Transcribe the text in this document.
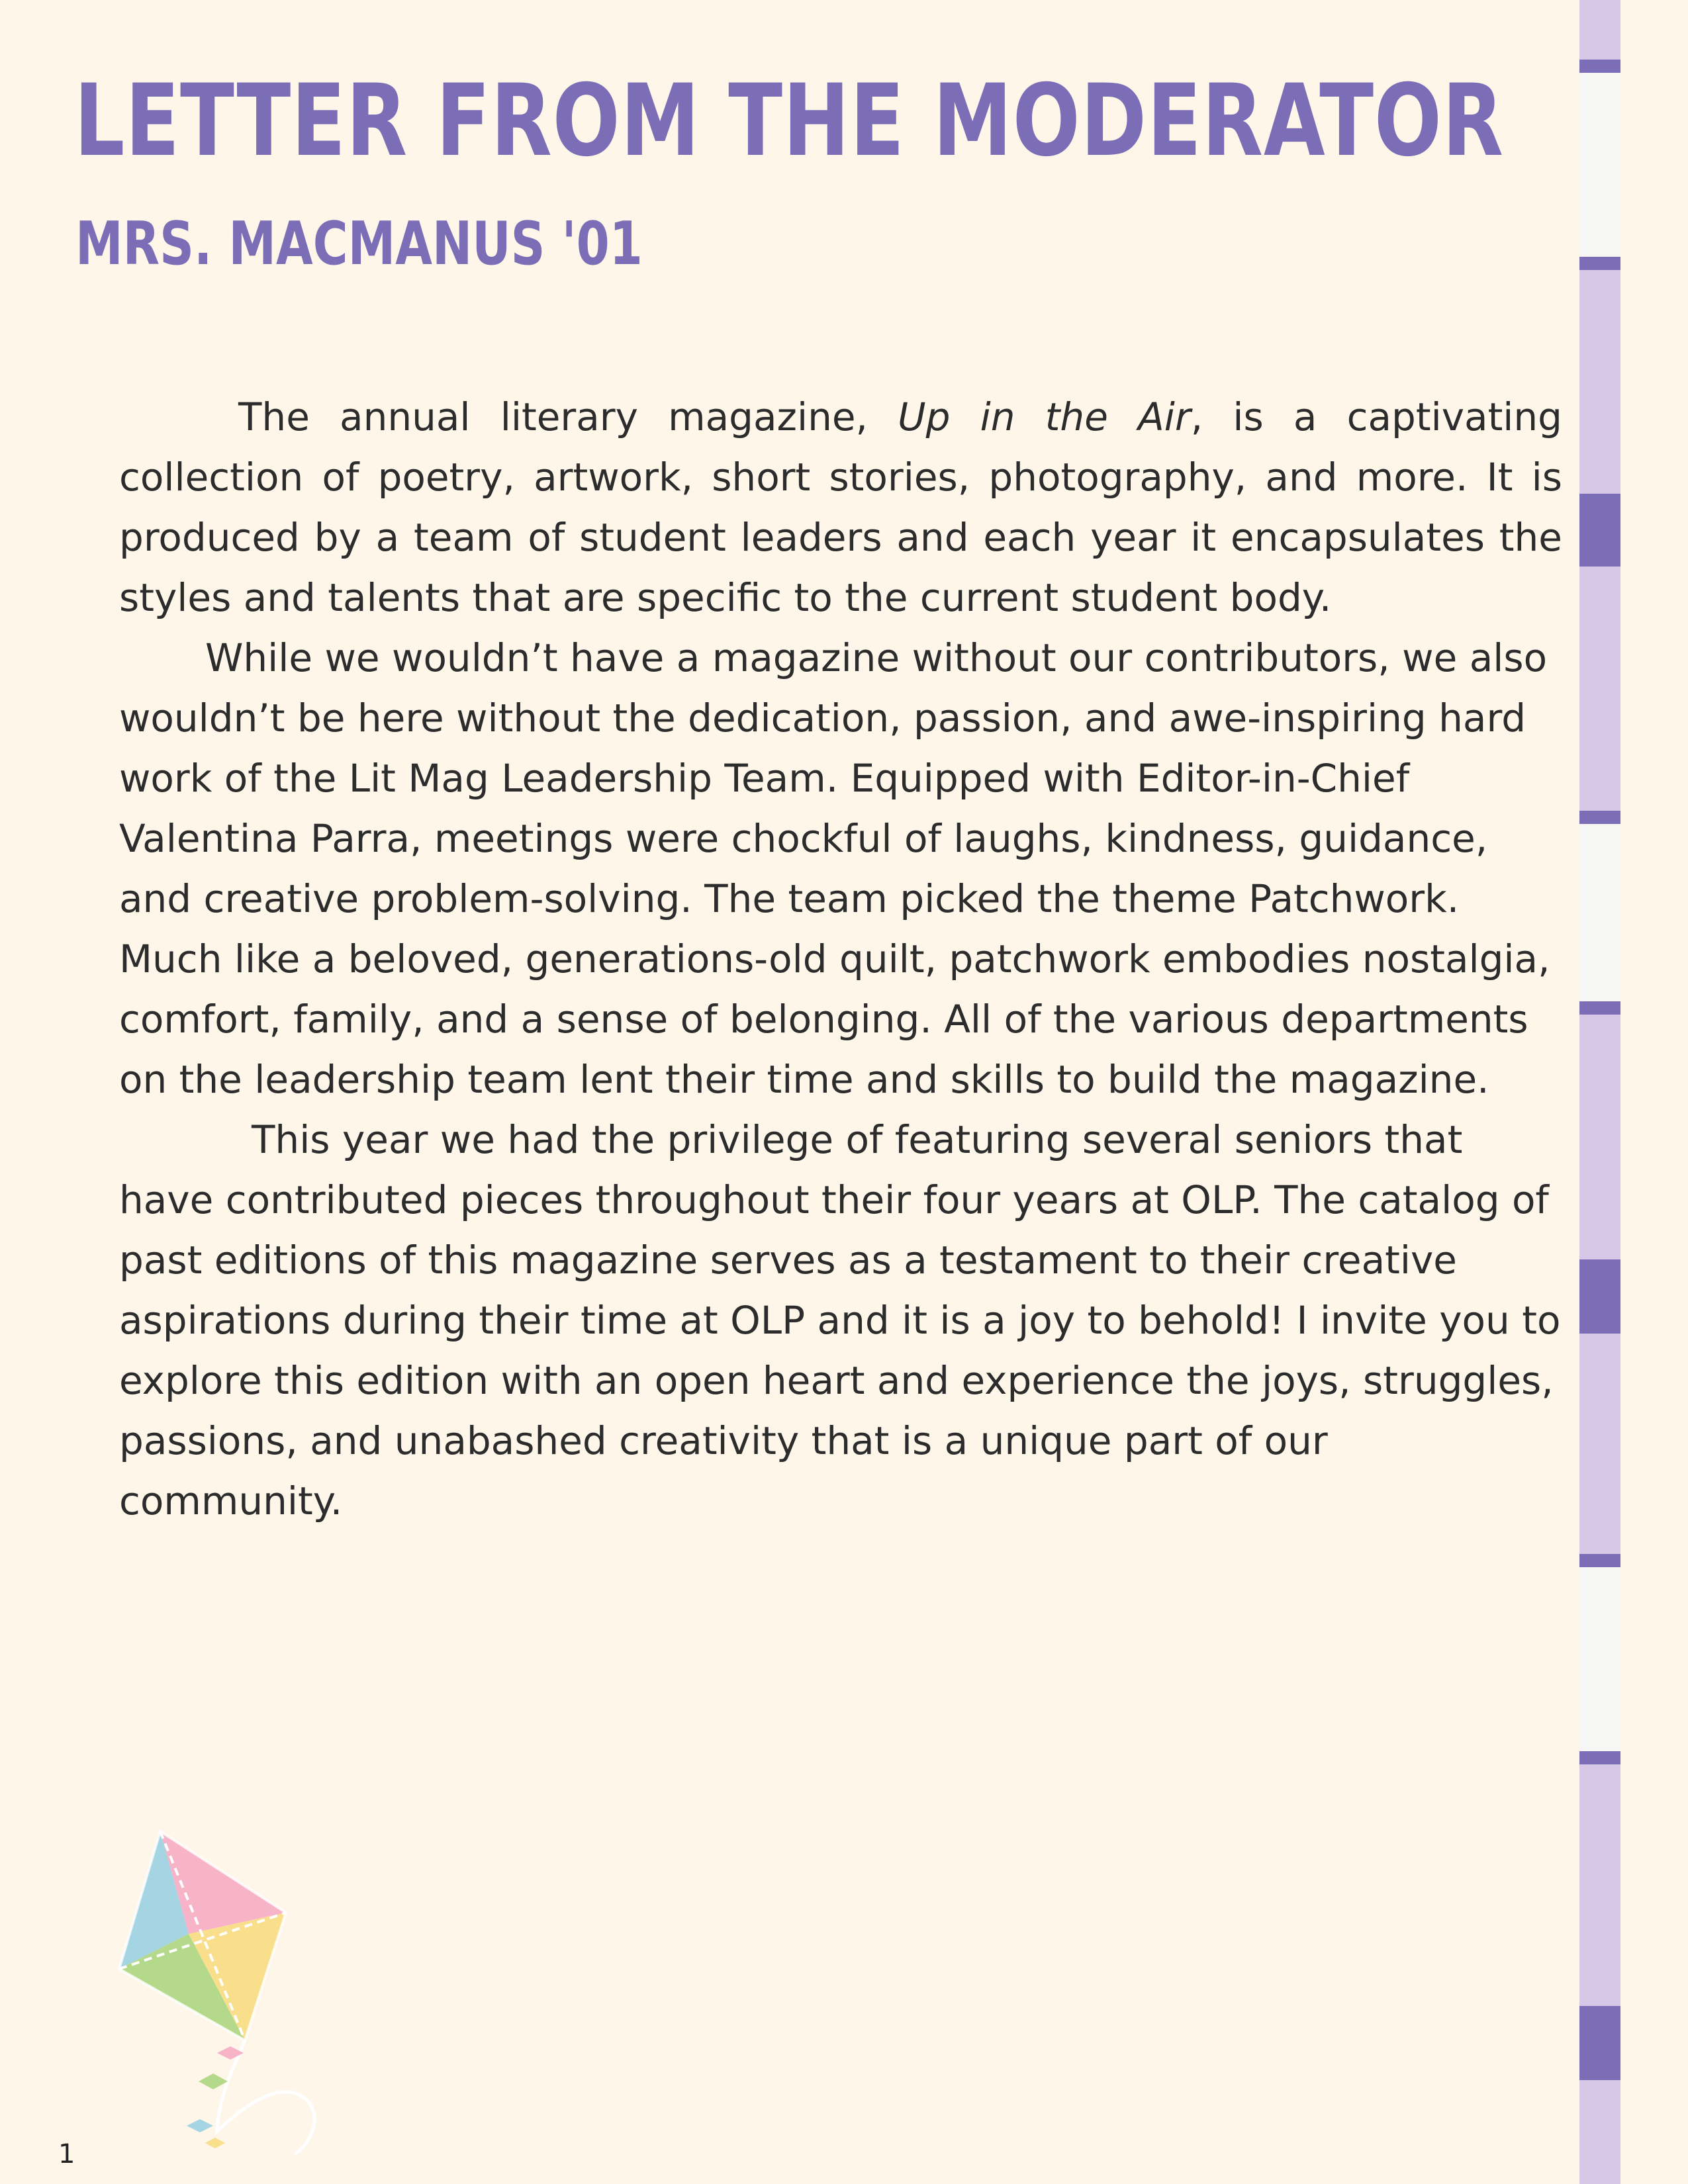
LETTER FROM THE MODERATOR
MRS. MACMANUS '01

The annual literary magazine, Up in the Air, is a captivating collection of poetry, artwork, short stories, photography, and more. It is produced by a team of student leaders and each year it encapsulates the styles and talents that are specific to the current student body.

While we wouldn’t have a magazine without our contributors, we also wouldn’t be here without the dedication, passion, and awe-inspiring hard work of the Lit Mag Leadership Team. Equipped with Editor-in-Chief Valentina Parra, meetings were chockful of laughs, kindness, guidance, and creative problem-solving. The team picked the theme Patchwork. Much like a beloved, generations-old quilt, patchwork embodies nostalgia, comfort, family, and a sense of belonging. All of the various departments on the leadership team lent their time and skills to build the magazine.

This year we had the privilege of featuring several seniors that have contributed pieces throughout their four years at OLP. The catalog of past editions of this magazine serves as a testament to their creative aspirations during their time at OLP and it is a joy to behold! I invite you to explore this edition with an open heart and experience the joys, struggles, passions, and unabashed creativity that is a unique part of our community.

1
